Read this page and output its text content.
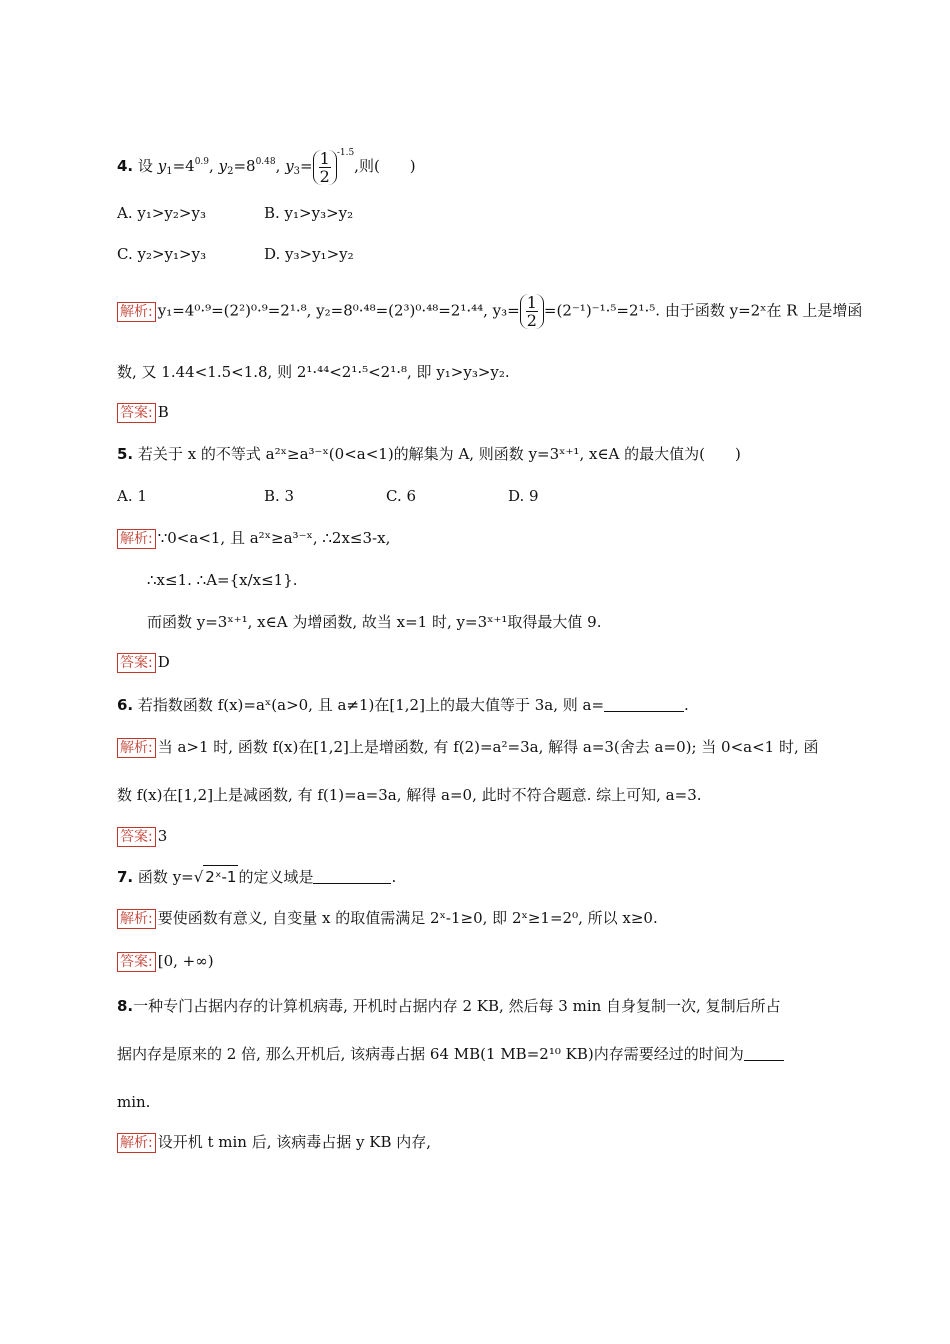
4. 设 $y_1=4^{0.9}$, $y_2=8^{0.48}$, $y_3= \frac{1}{2} ^{-1.5}$,则(　　)
A. y₁>y₂>y₃	B. y₁>y₃>y₂
C. y₂>y₁>y₃	D. y₃>y₁>y₂
解析: y₁=4⁰·⁹=(2²)⁰·⁹=2¹·⁸, y₂=8⁰·⁴⁸=(2³)⁰·⁴⁸=2¹·⁴⁴, $y_3= \frac{1}{2} =(2^{-1})^{-1}\cdot^5=2^1\cdot^5$. 由于函数 y=2ˣ在 R 上是增函
数, 又 1.44<1.5<1.8, 则 2¹·⁴⁴<2¹·⁵<2¹·⁸, 即 y₁>y₃>y₂.
答案: B
5. 若关于 x 的不等式 a²ˣ≥a³⁻ˣ(0<a<1)的解集为 A, 则函数 y=3ˣ⁺¹, x∈A 的最大值为(　　)
A. 1	B. 3	C. 6	D. 9
解析: ∵0<a<1, 且 a²ˣ≥a³⁻ˣ, ∴2x≤3-x,
∴x≤1. ∴A={x/x≤1}.
而函数 y=3ˣ⁺¹, x∈A 为增函数, 故当 x=1 时, y=3ˣ⁺¹取得最大值 9.
答案: D
6. 若指数函数 f(x)=aˣ(a>0, 且 a≠1)在[1,2]上的最大值等于 3a, 则 a=	.
解析: 当 a>1 时, 函数 f(x)在[1,2]上是增函数, 有 f(2)=a²=3a, 解得 a=3(舍去 a=0); 当 0<a<1 时, 函
数 f(x)在[1,2]上是减函数, 有 f(1)=a=3a, 解得 a=0, 此时不符合题意. 综上可知, a=3.
答案: 3
7. 函数 y=√ 2ˣ-1 的定义域是	.
解析: 要使函数有意义, 自变量 x 的取值需满足 2ˣ-1≥0, 即 2ˣ≥1=2⁰, 所以 x≥0.
答案: [0, +∞)
8.一种专门占据内存的计算机病毒, 开机时占据内存 2 KB, 然后每 3 min 自身复制一次, 复制后所占
据内存是原来的 2 倍, 那么开机后, 该病毒占据 64 MB(1 MB=2¹⁰ KB)内存需要经过的时间为
min.
解析: 设开机 t min 后, 该病毒占据 y KB 内存,
